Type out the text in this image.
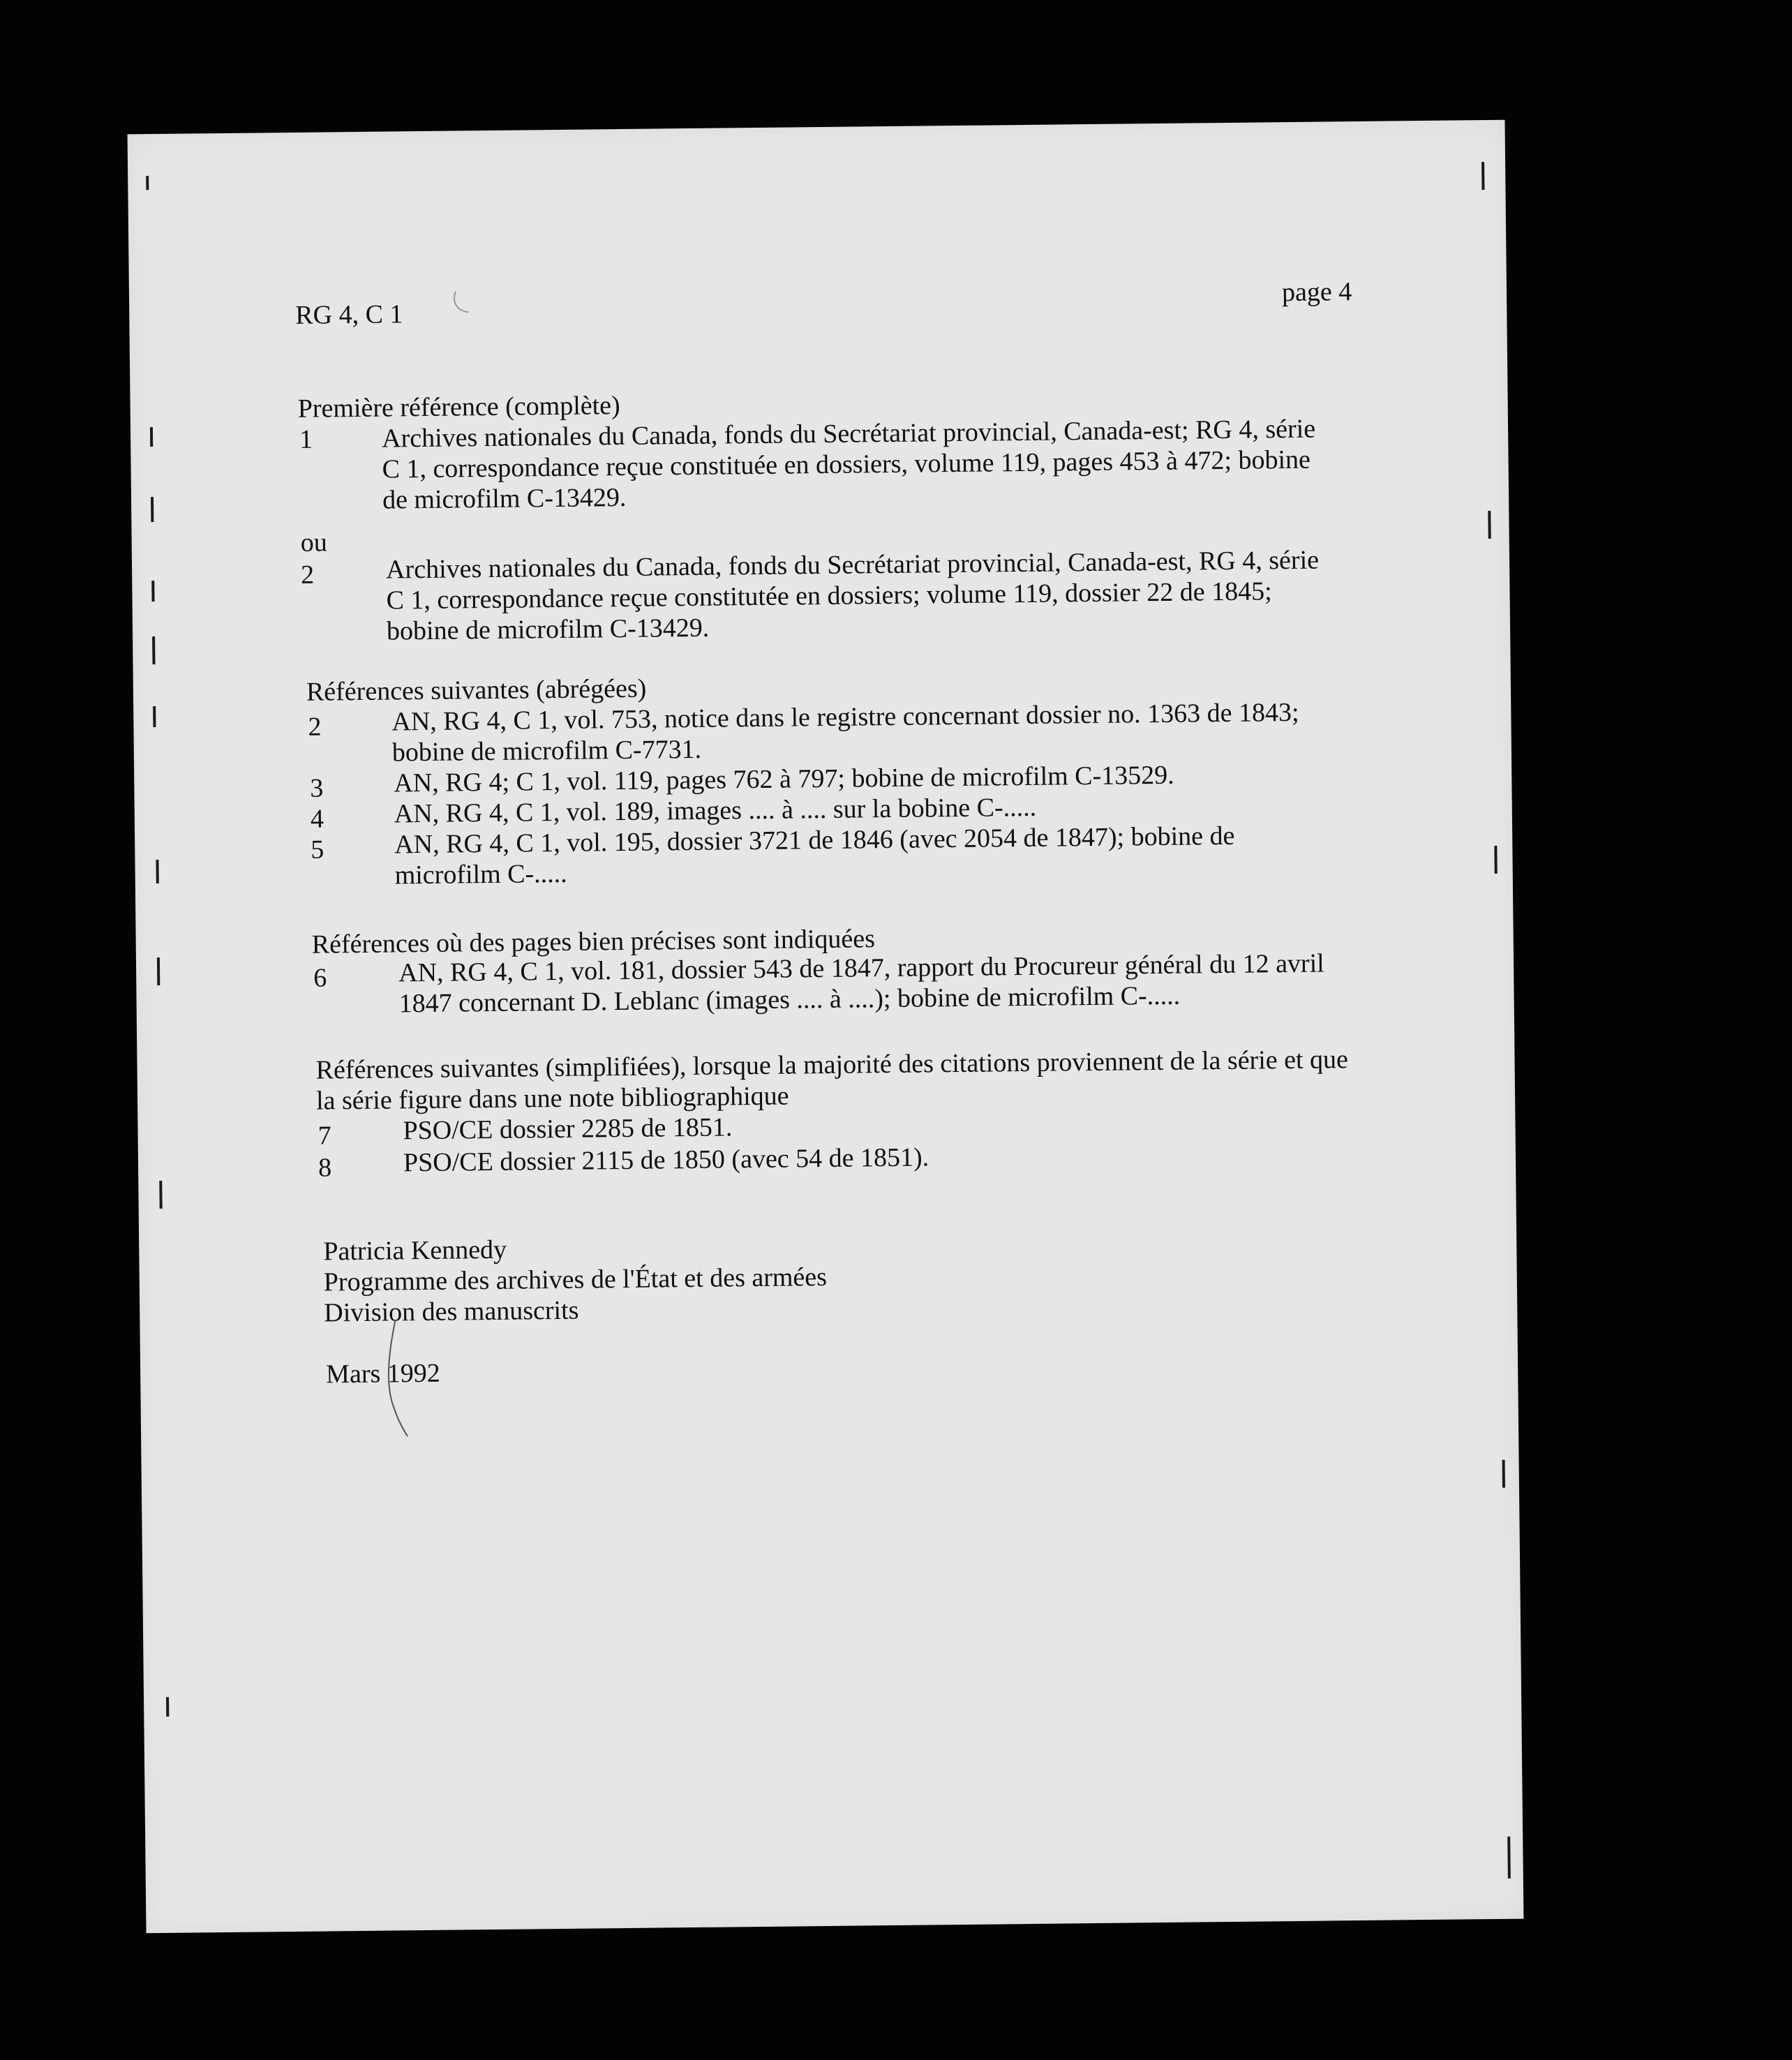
RG 4, C 1
page 4
Première référence (complète)
1	Archives nationales du Canada, fonds du Secrétariat provincial, Canada-est; RG 4, série
C 1, correspondance reçue constituée en dossiers, volume 119, pages 453 à 472; bobine
de microfilm C-13429.
ou
2	Archives nationales du Canada, fonds du Secrétariat provincial, Canada-est, RG 4, série
C 1, correspondance reçue constitutée en dossiers; volume 119, dossier 22 de 1845;
bobine de microfilm C-13429.
Références suivantes (abrégées)
2	AN, RG 4, C 1, vol. 753, notice dans le registre concernant dossier no. 1363 de 1843;
bobine de microfilm C-7731.
3	AN, RG 4; C 1, vol. 119, pages 762 à 797; bobine de microfilm C-13529.
4	AN, RG 4, C 1, vol. 189, images .... à .... sur la bobine C-.....
5	AN, RG 4, C 1, vol. 195, dossier 3721 de 1846 (avec 2054 de 1847); bobine de
microfilm C-.....
Références où des pages bien précises sont indiquées
6	AN, RG 4, C 1, vol. 181, dossier 543 de 1847, rapport du Procureur général du 12 avril
1847 concernant D. Leblanc (images .... à ....); bobine de microfilm C-.....
Références suivantes (simplifiées), lorsque la majorité des citations proviennent de la série et que
la série figure dans une note bibliographique
7	PSO/CE dossier 2285 de 1851.
8	PSO/CE dossier 2115 de 1850 (avec 54 de 1851).
Patricia Kennedy
Programme des archives de l'État et des armées
Division des manuscrits
Mars 1992
